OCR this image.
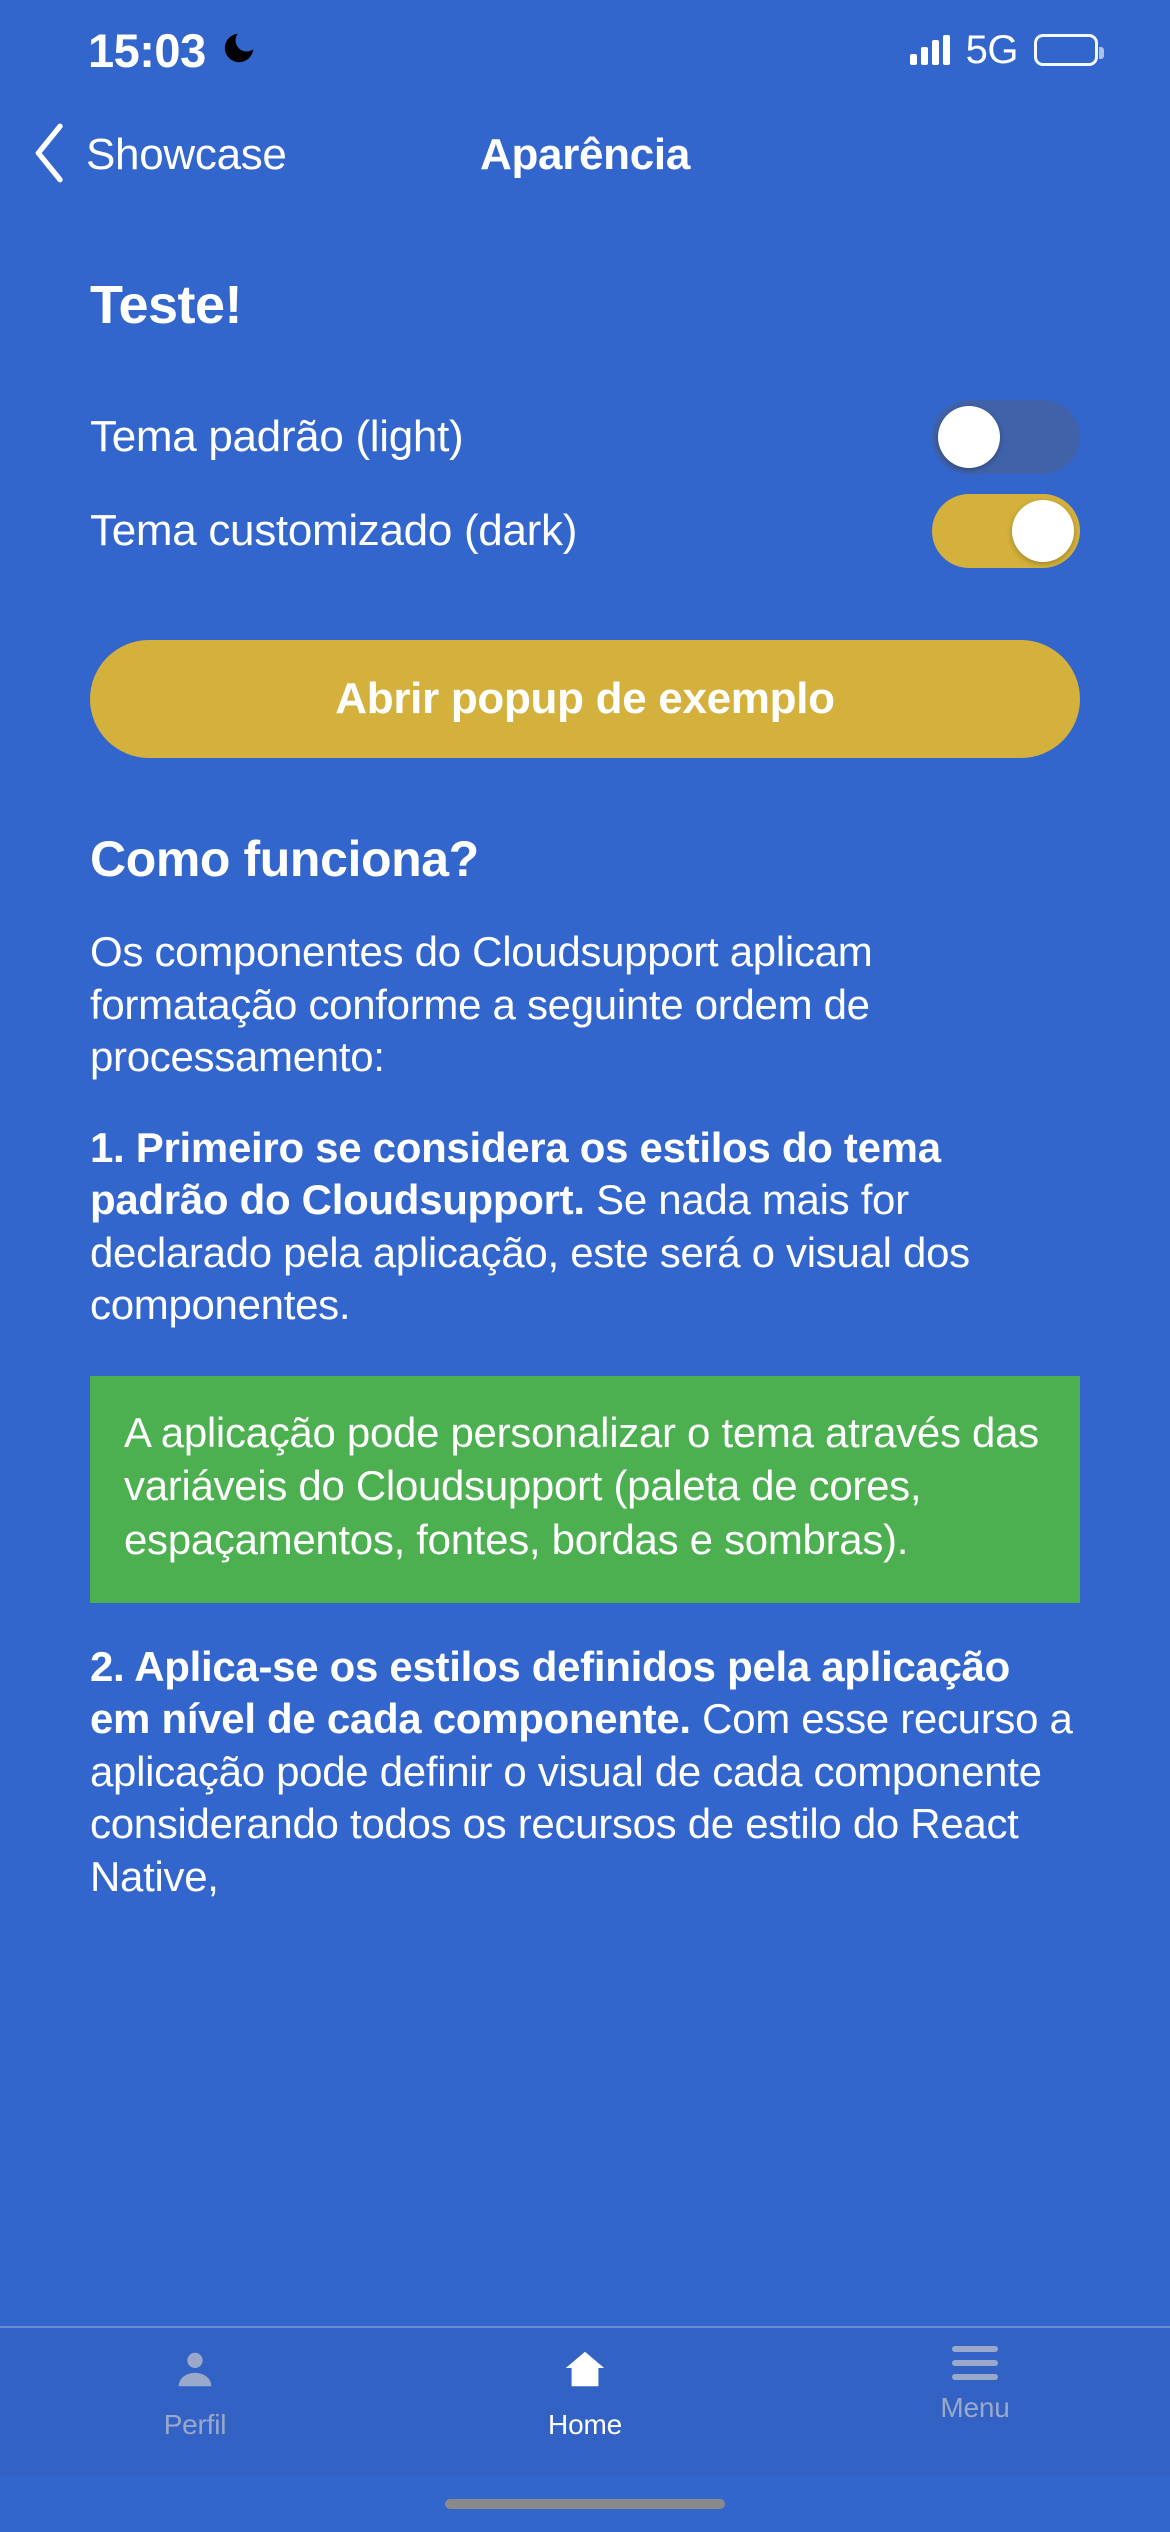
15:03	5G
Showcase	Aparência
Teste!
Tema padrão (light)
Tema customizado (dark)
Abrir popup de exemplo
Como funciona?

Os componentes do Cloudsupport aplicam formatação conforme a seguinte ordem de processamento:

1. Primeiro se considera os estilos do tema padrão do Cloudsupport. Se nada mais for declarado pela aplicação, este será o visual dos componentes.

A aplicação pode personalizar o tema através das variáveis do Cloudsupport (paleta de cores, espaçamentos, fontes, bordas e sombras).

2. Aplica-se os estilos definidos pela aplicação em nível de cada componente. Com esse recurso a aplicação pode definir o visual de cada componente considerando todos os recursos de estilo do React Native,

Perfil	Home
Menu
